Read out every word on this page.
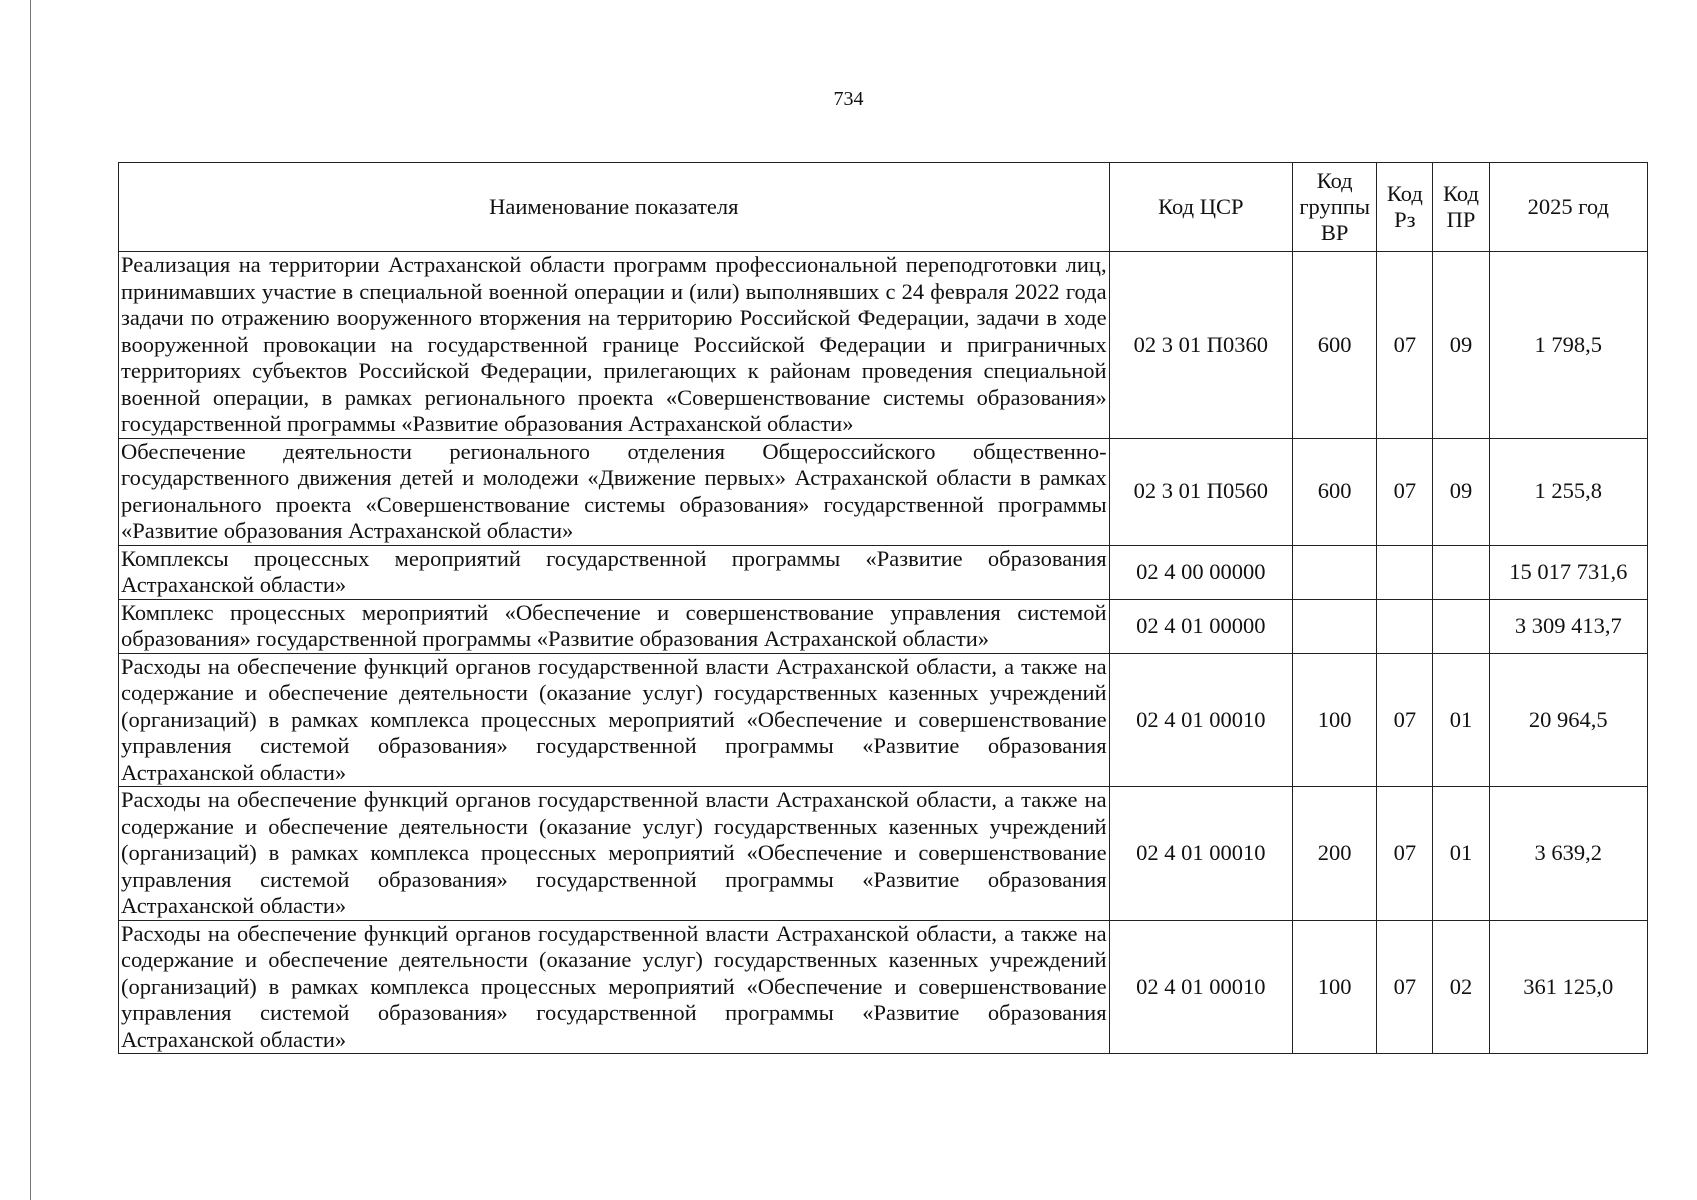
734
Наименование показателя	Код ЦСР	Код группы ВР	Код Рз	Код ПР	2025 год
Реализация на территории Астраханской области программ профессиональной переподготовки лиц, принимавших участие в специальной военной операции и (или) выполнявших с 24 февраля 2022 года задачи по отражению вооруженного вторжения на территорию Российской Федерации, задачи в ходе вооруженной провокации на государственной границе Российской Федерации и приграничных территориях субъектов Российской Федерации, прилегающих к районам проведения специальной военной операции, в рамках регионального проекта «Совершенствование системы образования» государственной программы «Развитие образования Астраханской области»	02 3 01 П0360	600	07	09	1 798,5
Обеспечение деятельности регионального отделения Общероссийского общественно-государственного движения детей и молодежи «Движение первых» Астраханской области в рамках регионального проекта «Совершенствование системы образования» государственной программы «Развитие образования Астраханской области»	02 3 01 П0560	600	07	09	1 255,8
Комплексы процессных мероприятий государственной программы «Развитие образования Астраханской области»	02 4 00 00000				15 017 731,6
Комплекс процессных мероприятий «Обеспечение и совершенствование управления системой образования» государственной программы «Развитие образования Астраханской области»	02 4 01 00000				3 309 413,7
Расходы на обеспечение функций органов государственной власти Астраханской области, а также на содержание и обеспечение деятельности (оказание услуг) государственных казенных учреждений (организаций) в рамках комплекса процессных мероприятий «Обеспечение и совершенствование управления системой образования» государственной программы «Развитие образования Астраханской области»	02 4 01 00010	100	07	01	20 964,5
Расходы на обеспечение функций органов государственной власти Астраханской области, а также на содержание и обеспечение деятельности (оказание услуг) государственных казенных учреждений (организаций) в рамках комплекса процессных мероприятий «Обеспечение и совершенствование управления системой образования» государственной программы «Развитие образования Астраханской области»	02 4 01 00010	200	07	01	3 639,2
Расходы на обеспечение функций органов государственной власти Астраханской области, а также на содержание и обеспечение деятельности (оказание услуг) государственных казенных учреждений (организаций) в рамках комплекса процессных мероприятий «Обеспечение и совершенствование управления системой образования» государственной программы «Развитие образования Астраханской области»	02 4 01 00010	100	07	02	361 125,0
